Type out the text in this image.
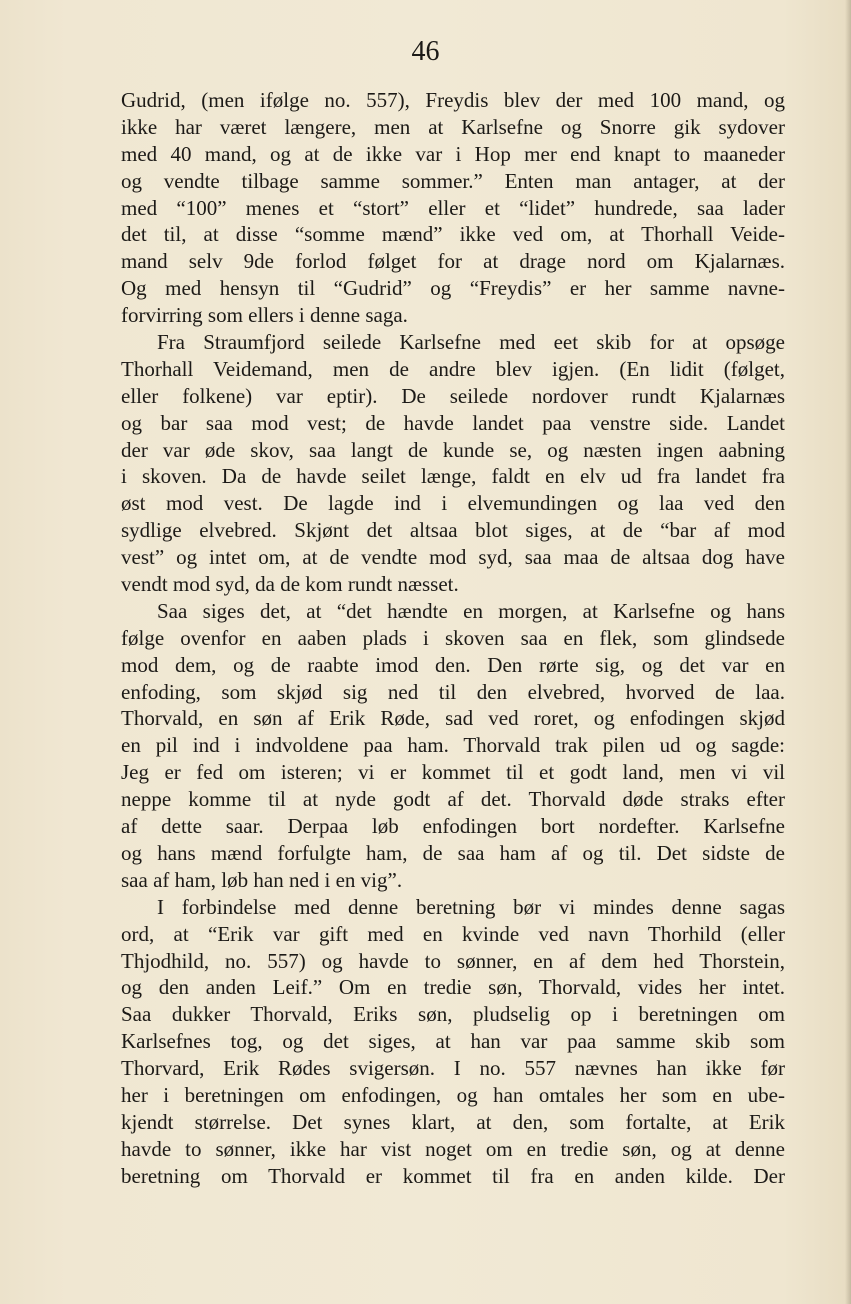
46
Gudrid, (men ifølge no. 557), Freydis blev der med 100 mand, og
ikke har været længere, men at Karlsefne og Snorre gik sydover
med 40 mand, og at de ikke var i Hop mer end knapt to maaneder
og vendte tilbage samme sommer.” Enten man antager, at der
med “100” menes et “stort” eller et “lidet” hundrede, saa lader
det til, at disse “somme mænd” ikke ved om, at Thorhall Veide-
mand selv 9de forlod følget for at drage nord om Kjalarnæs.
Og med hensyn til “Gudrid” og “Freydis” er her samme navne-
forvirring som ellers i denne saga.
Fra Straumfjord seilede Karlsefne med eet skib for at opsøge
Thorhall Veidemand, men de andre blev igjen. (En lidit (følget,
eller folkene) var eptir). De seilede nordover rundt Kjalarnæs
og bar saa mod vest; de havde landet paa venstre side. Landet
der var øde skov, saa langt de kunde se, og næsten ingen aabning
i skoven. Da de havde seilet længe, faldt en elv ud fra landet fra
øst mod vest. De lagde ind i elvemundingen og laa ved den
sydlige elvebred. Skjønt det altsaa blot siges, at de “bar af mod
vest” og intet om, at de vendte mod syd, saa maa de altsaa dog have
vendt mod syd, da de kom rundt næsset.
Saa siges det, at “det hændte en morgen, at Karlsefne og hans
følge ovenfor en aaben plads i skoven saa en flek, som glindsede
mod dem, og de raabte imod den. Den rørte sig, og det var en
enfoding, som skjød sig ned til den elvebred, hvorved de laa.
Thorvald, en søn af Erik Røde, sad ved roret, og enfodingen skjød
en pil ind i indvoldene paa ham. Thorvald trak pilen ud og sagde:
Jeg er fed om isteren; vi er kommet til et godt land, men vi vil
neppe komme til at nyde godt af det. Thorvald døde straks efter
af dette saar. Derpaa løb enfodingen bort nordefter. Karlsefne
og hans mænd forfulgte ham, de saa ham af og til. Det sidste de
saa af ham, løb han ned i en vig”.
I forbindelse med denne beretning bør vi mindes denne sagas
ord, at “Erik var gift med en kvinde ved navn Thorhild (eller
Thjodhild, no. 557) og havde to sønner, en af dem hed Thorstein,
og den anden Leif.” Om en tredie søn, Thorvald, vides her intet.
Saa dukker Thorvald, Eriks søn, pludselig op i beretningen om
Karlsefnes tog, og det siges, at han var paa samme skib som
Thorvard, Erik Rødes svigersøn. I no. 557 nævnes han ikke før
her i beretningen om enfodingen, og han omtales her som en ube-
kjendt størrelse. Det synes klart, at den, som fortalte, at Erik
havde to sønner, ikke har vist noget om en tredie søn, og at denne
beretning om Thorvald er kommet til fra en anden kilde. Der
